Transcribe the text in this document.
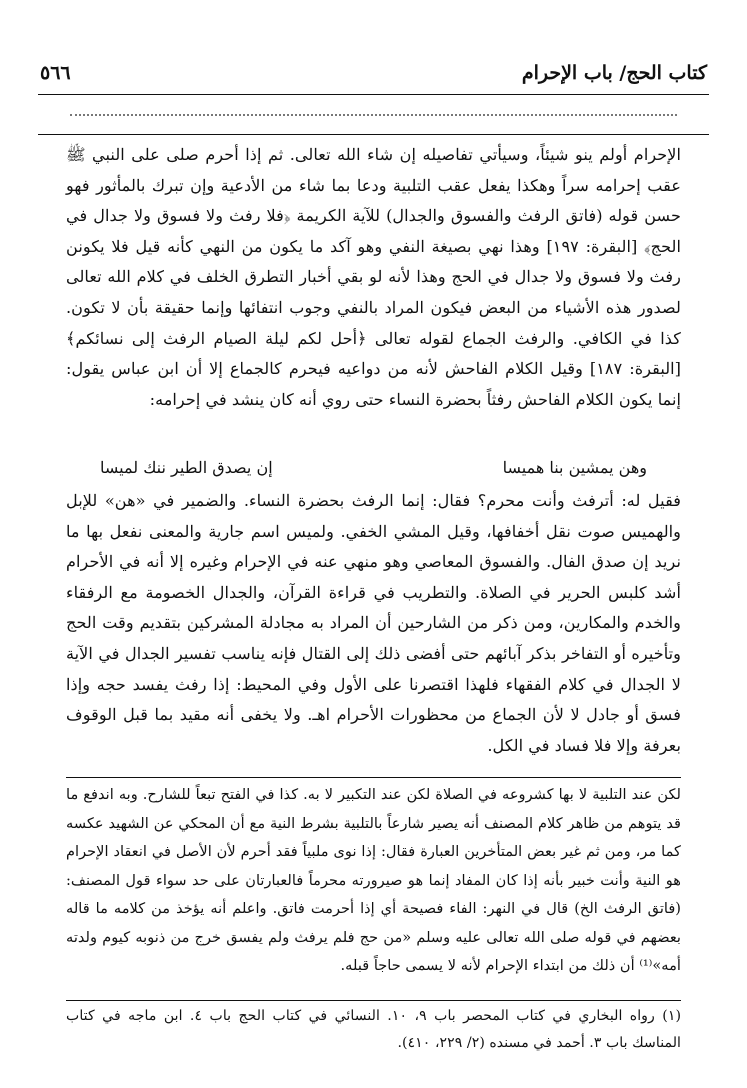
كتاب الحج/ باب الإحرام
٥٦٦

الإحرام أولم ينو شيئاً، وسيأتي تفاصيله إن شاء الله تعالى. ثم إذا أحرم صلى على النبي ﷺ عقب إحرامه سراً وهكذا يفعل عقب التلبية ودعا بما شاء من الأدعية وإن تبرك بالمأثور فهو حسن قوله (فاتق الرفث والفسوق والجدال) للآية الكريمة ﴿فلا رفث ولا فسوق ولا جدال في الحج﴾ [البقرة: ١٩٧] وهذا نهي بصيغة النفي وهو آكد ما يكون من النهي كأنه قيل فلا يكونن رفث ولا فسوق ولا جدال في الحج وهذا لأنه لو بقي أخبار التطرق الخلف في كلام الله تعالى لصدور هذه الأشياء من البعض فيكون المراد بالنفي وجوب انتفائها وإنما حقيقة بأن لا تكون. كذا في الكافي. والرفث الجماع لقوله تعالى ﴿أحل لكم ليلة الصيام الرفث إلى نسائكم﴾ [البقرة: ١٨٧] وقيل الكلام الفاحش لأنه من دواعيه فيحرم كالجماع إلا أن ابن عباس يقول: إنما يكون الكلام الفاحش رفثاً بحضرة النساء حتى روي أنه كان ينشد في إحرامه:

وهن يمشين بنا هميسا
إن يصدق الطير ننك لميسا

فقيل له: أترفث وأنت محرم؟ فقال: إنما الرفث بحضرة النساء. والضمير في «هن» للإبل والهميس صوت نقل أخفافها، وقيل المشي الخفي. ولميس اسم جارية والمعنى نفعل بها ما نريد إن صدق الفال. والفسوق المعاصي وهو منهي عنه في الإحرام وغيره إلا أنه في الأحرام أشد كلبس الحرير في الصلاة. والتطريب في قراءة القرآن، والجدال الخصومة مع الرفقاء والخدم والمكارين، ومن ذكر من الشارحين أن المراد به مجادلة المشركين بتقديم وقت الحج وتأخيره أو التفاخر بذكر آبائهم حتى أفضى ذلك إلى القتال فإنه يناسب تفسير الجدال في الآية لا الجدال في كلام الفقهاء فلهذا اقتصرنا على الأول وفي المحيط: إذا رفث يفسد حجه وإذا فسق أو جادل لا لأن الجماع من محظورات الأحرام اهـ. ولا يخفى أنه مقيد بما قبل الوقوف بعرفة وإلا فلا فساد في الكل.

لكن عند التلبية لا بها كشروعه في الصلاة لكن عند التكبير لا به. كذا في الفتح تبعاً للشارح. وبه اندفع ما قد يتوهم من ظاهر كلام المصنف أنه يصير شارعاً بالتلبية بشرط النية مع أن المحكي عن الشهيد عكسه كما مر، ومن ثم غير بعض المتأخرين العبارة فقال: إذا نوى ملبياً فقد أحرم لأن الأصل في انعقاد الإحرام هو النية وأنت خبير بأنه إذا كان المفاد إنما هو صيرورته محرماً فالعبارتان على حد سواء قول المصنف: (فاتق الرفث الخ) قال في النهر: الفاء فصيحة أي إذا أحرمت فاتق. واعلم أنه يؤخذ من كلامه ما قاله بعضهم في قوله صلى الله تعالى عليه وسلم «من حج فلم يرفث ولم يفسق خرج من ذنوبه كيوم ولدته أمه»⁽¹⁾ أن ذلك من ابتداء الإحرام لأنه لا يسمى حاجاً قبله.

(١) رواه البخاري في كتاب المحصر باب ٩، ١٠. النسائي في كتاب الحج باب ٤. ابن ماجه في كتاب المناسك باب ٣. أحمد في مسنده (٢/ ٢٢٩، ٤١٠).
